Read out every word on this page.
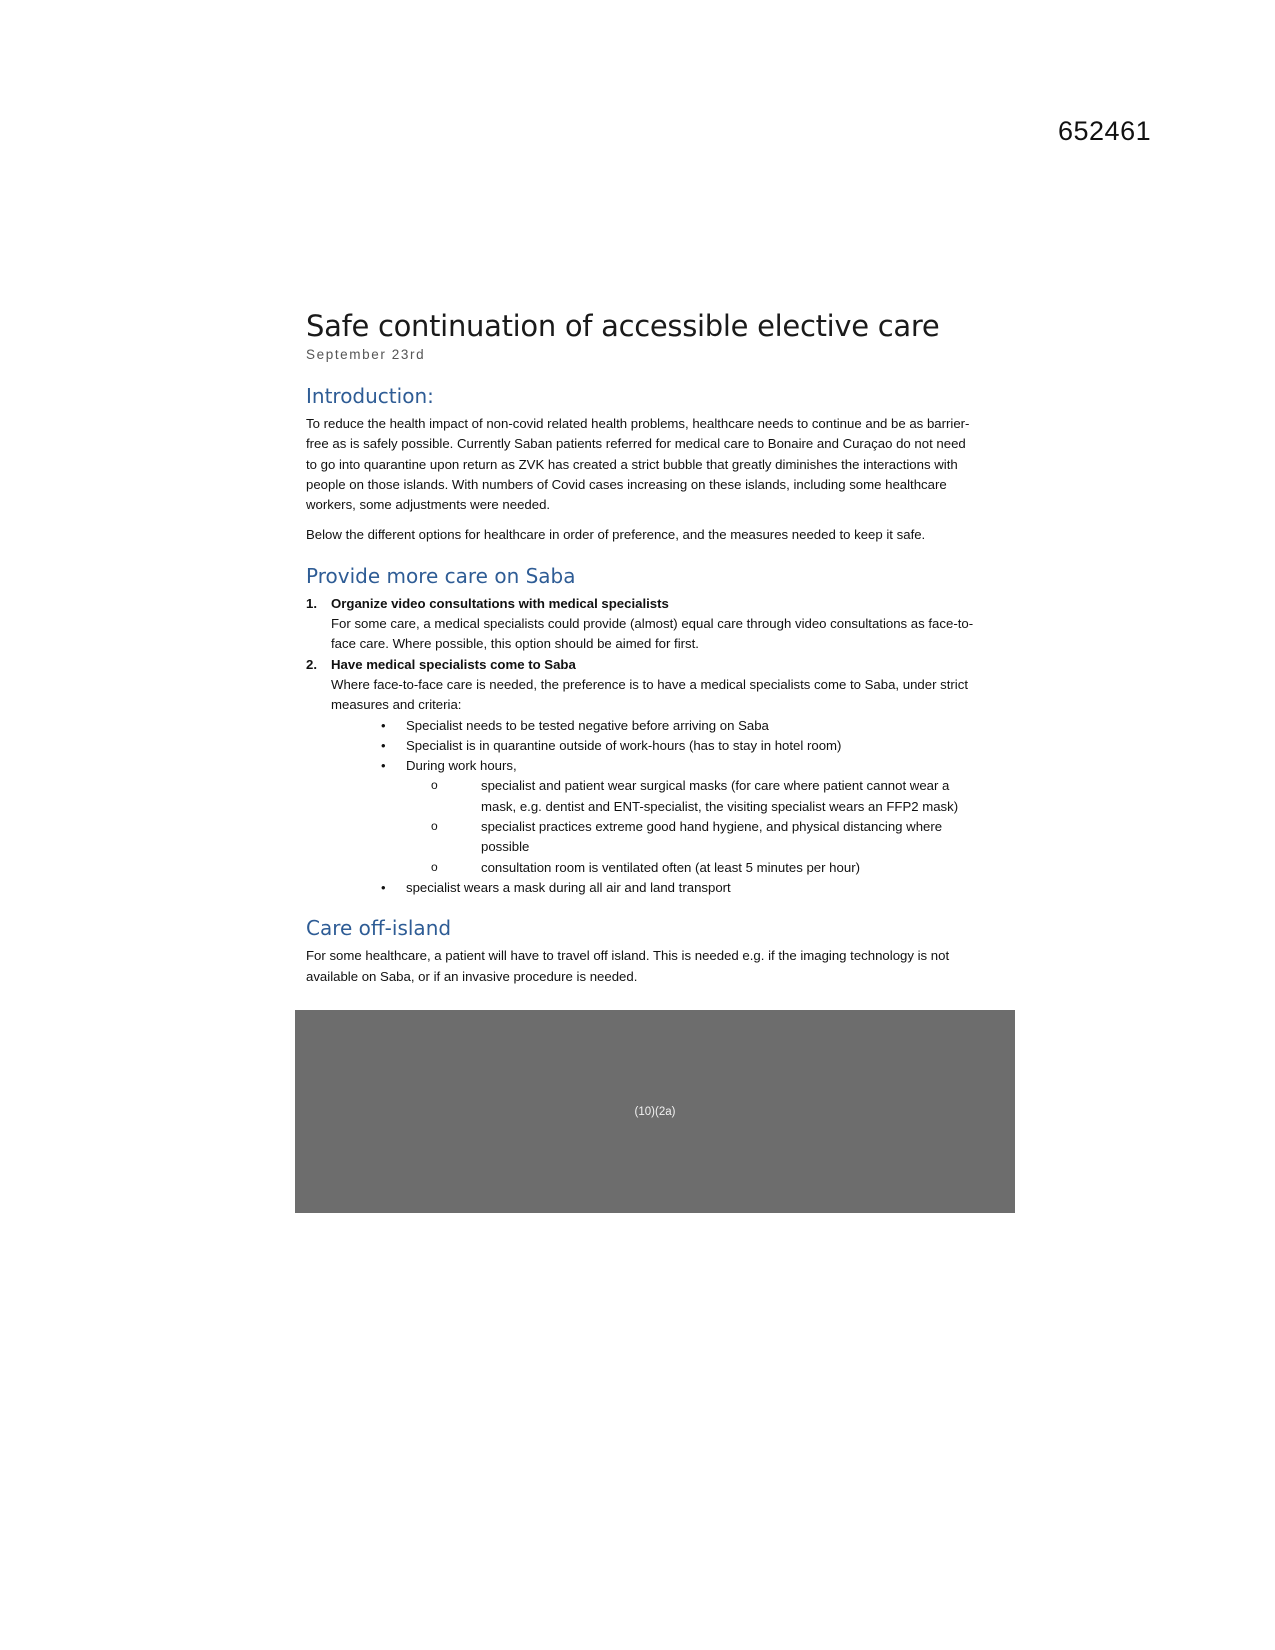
652461
Safe continuation of accessible elective care
September 23rd
Introduction:

To reduce the health impact of non-covid related health problems, healthcare needs to continue and be as barrier-free as is safely possible. Currently Saban patients referred for medical care to Bonaire and Curaçao do not need to go into quarantine upon return as ZVK has created a strict bubble that greatly diminishes the interactions with people on those islands. With numbers of Covid cases increasing on these islands, including some healthcare workers, some adjustments were needed.

Below the different options for healthcare in order of preference, and the measures needed to keep it safe.

Provide more care on Saba
1. Organize video consultations with medical specialists
For some care, a medical specialists could provide (almost) equal care through video consultations as face-to-face care. Where possible, this option should be aimed for first.
2. Have medical specialists come to Saba
Where face-to-face care is needed, the preference is to have a medical specialists come to Saba, under strict measures and criteria:
• Specialist needs to be tested negative before arriving on Saba
• Specialist is in quarantine outside of work-hours (has to stay in hotel room)
• During work hours,
o specialist and patient wear surgical masks (for care where patient cannot wear a mask, e.g. dentist and ENT-specialist, the visiting specialist wears an FFP2 mask)
o specialist practices extreme good hand hygiene, and physical distancing where possible
o consultation room is ventilated often (at least 5 minutes per hour)
• specialist wears a mask during all air and land transport
Care off-island

For some healthcare, a patient will have to travel off island. This is needed e.g. if the imaging technology is not available on Saba, or if an invasive procedure is needed.

(10)(2a)
